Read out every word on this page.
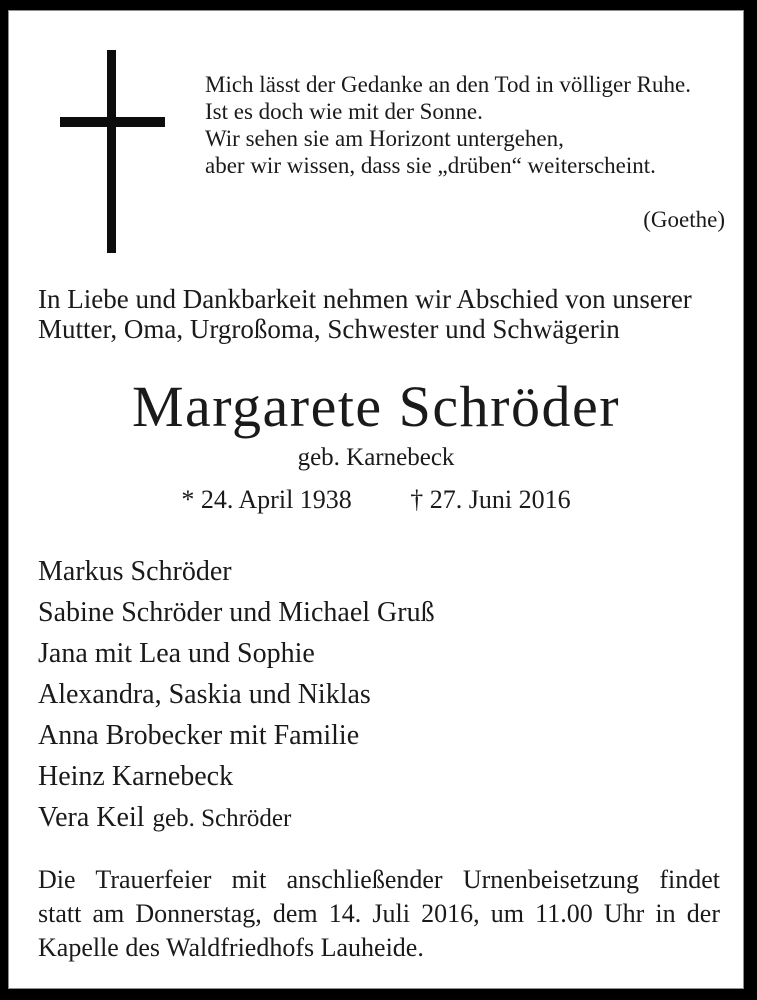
Mich lässt der Gedanke an den Tod in völliger Ruhe.
Ist es doch wie mit der Sonne.
Wir sehen sie am Horizont untergehen,
aber wir wissen, dass sie „drüben“ weiterscheint.
(Goethe)
In Liebe und Dankbarkeit nehmen wir Abschied von unserer
Mutter, Oma, Urgroßoma, Schwester und Schwägerin
Margarete Schröder
geb. Karnebeck
* 24. April 1938 † 27. Juni 2016
Markus Schröder
Sabine Schröder und Michael Gruß
Jana mit Lea und Sophie
Alexandra, Saskia und Niklas
Anna Brobecker mit Familie
Heinz Karnebeck
Vera Keil geb. Schröder
Die Trauerfeier mit anschließender Urnenbeisetzung findet
statt am Donnerstag, dem 14. Juli 2016, um 11.00 Uhr in der
Kapelle des Waldfriedhofs Lauheide.
